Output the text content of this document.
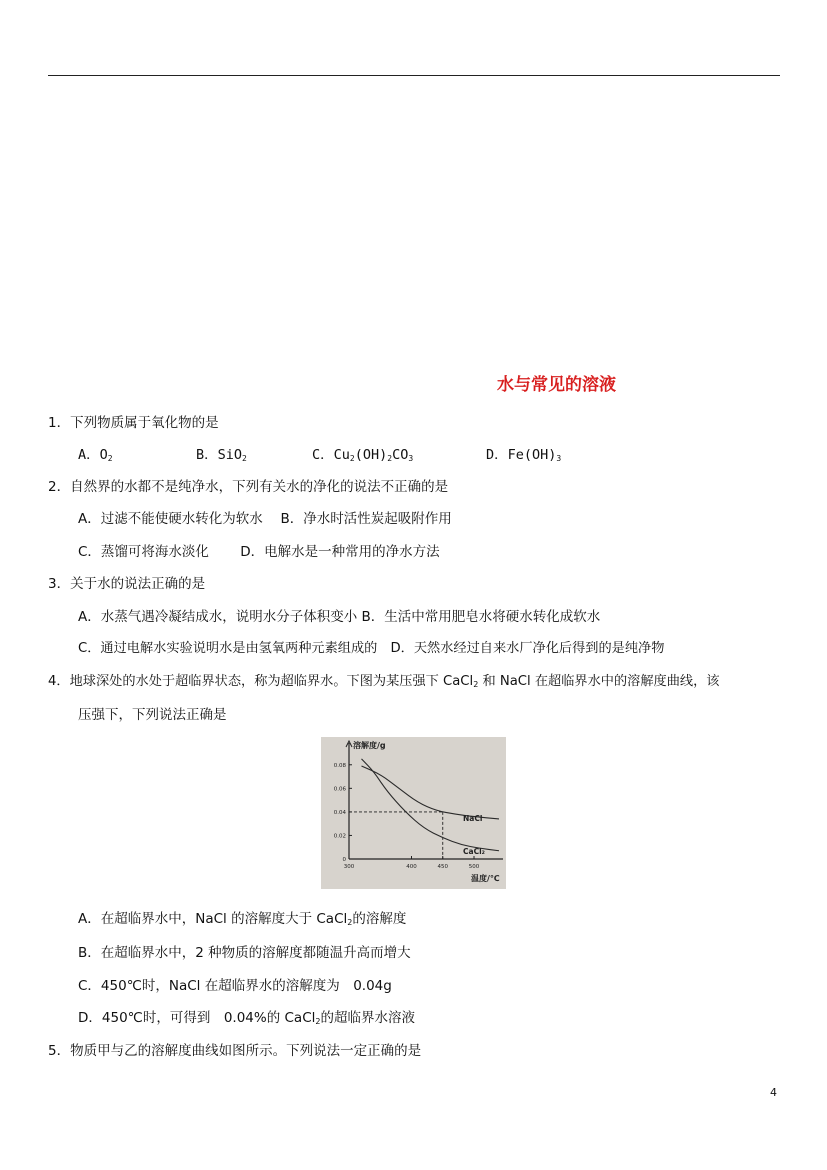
水与常见的溶液
1．下列物质属于氧化物的是
A．$O_2$	B．SiO$_2$	C．$Cu_2(OH)_2CO_3$	D．$Fe(OH)_3$
2．自然界的水都不是纯净水，下列有关水的净化的说法不正确的是
A．过滤不能使硬水转化为软水　 B．净水时活性炭起吸附作用
C．蒸馏可将海水淡化　　 D．电解水是一种常用的净水方法
3．关于水的说法正确的是
A．水蒸气遇冷凝结成水，说明水分子体积变小 B．生活中常用肥皂水将硬水转化成软水
C．通过电解水实验说明水是由氢氧两种元素组成的　D．天然水经过自来水厂净化后得到的是纯净物
4．地球深处的水处于超临界状态，称为超临界水。下图为某压强下 CaCl$_2$ 和 NaCl 在超临界水中的溶解度曲线，该
压强下，下列说法正确是
0
0.02
0.04
0.06
0.08
300	400	450	500
溶解度/g
温度/℃
NaCl
CaCl₂
A．在超临界水中，NaCl 的溶解度大于 CaCl$_2$的溶解度
B．在超临界水中，2 种物质的溶解度都随温升高而增大
C．450℃时，NaCl 在超临界水的溶解度为　0.04g
D．450℃时，可得到　0.04%的 CaCl$_2$的超临界水溶液
5．物质甲与乙的溶解度曲线如图所示。下列说法一定正确的是
4
